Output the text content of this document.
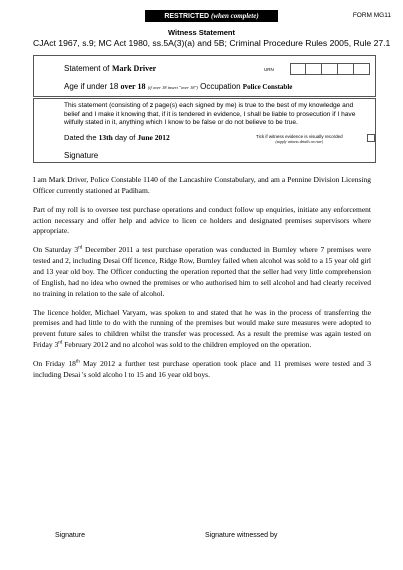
RESTRICTED (when complete)	FORM MG11
Witness Statement
CJAct 1967, s.9; MC Act 1980, ss.5A(3)(a) and 5B; Criminal Procedure Rules 2005, Rule 27.1
Statement of Mark Driver	URN
Age if under 18 over 18 (if over 18 insert "over 18") Occupation Police Constable
This statement (consisting of 2 page(s) each signed by me) is true to the best of my knowledge and belief and I make it knowing that, if it is tendered in evidence, I shall be liable to prosecution if I have wilfully stated in it, anything which I know to be false or do not believe to be true.
Dated the 13th day of June 2012	Tick if witness evidence is visually recorded
(supply witness details on rear)
Signature

I am Mark Driver, Police Constable 1140 of the Lancashire Constabulary, and am a Pennine Division Licensing Officer currently stationed at Padiham.

Part of my roll is to oversee test purchase operations and conduct follow up enquiries, initiate any enforcement action necessary and offer help and advice to licen ce holders and designated premises supervisors where appropriate.

On Saturday 3rd December 2011 a test purchase operation was conducted in Burnley where 7 premises were tested and 2, including Desai Off licence, Ridge Row, Burnley failed when alcohol was sold to a 15 year old girl and 13 year old boy. The Officer conducting the operation reported that the seller had very little comprehension of English, had no idea who owned the premises or who authorised him to sell alcohol and had clearly received no training in relation to the sale of alcohol.

The licence holder, Michael Varyam, was spoken to and stated that he was in the process of transferring the premises and had little to do with the running of the premises but would make sure measures were adopted to prevent future sales to children whilst the transfer was processed. As a result the premise was again tested on Friday 3rd February 2012 and no alcohol was sold to the children employed on the operation.

On Friday 18th May 2012 a further test purchase operation took place and 11 premises were tested and 3 including Desai 's sold alcoho l to 15 and 16 year old boys.

Signature	Signature witnessed by
